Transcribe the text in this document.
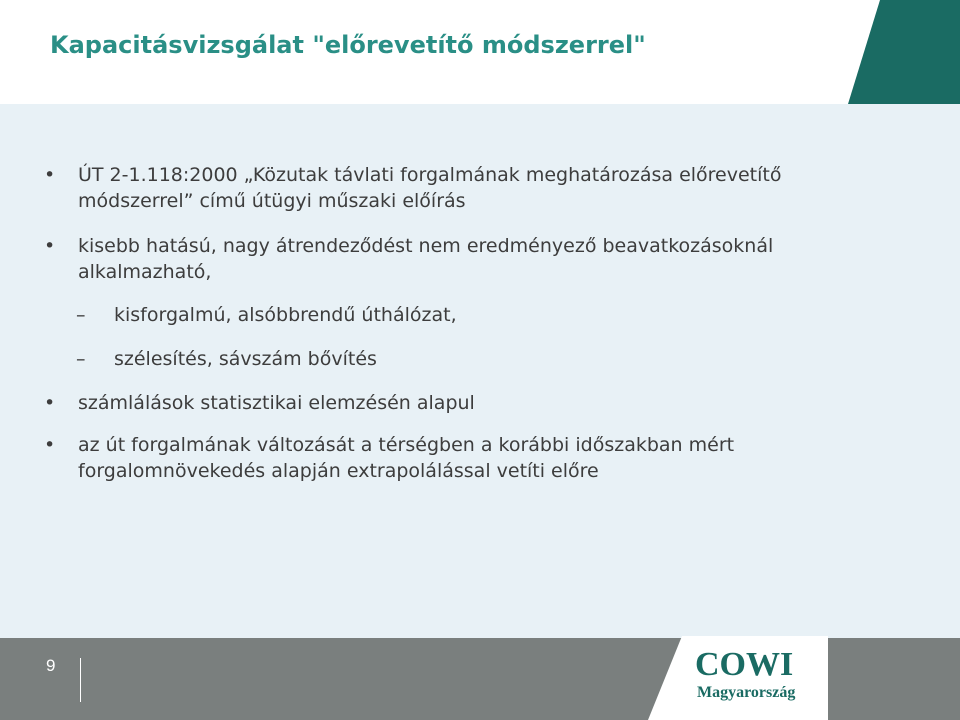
Kapacitásvizsgálat "előrevetítő módszerrel"
• ÚT 2-1.118:2000 „Közutak távlati forgalmának meghatározása előrevetítő módszerrel” című útügyi műszaki előírás
• kisebb hatású, nagy átrendeződést nem eredményező beavatkozásoknál alkalmazható,
– kisforgalmú, alsóbbrendű úthálózat,
– szélesítés, sávszám bővítés
• számlálások statisztikai elemzésén alapul
• az út forgalmának változását a térségben a korábbi időszakban mért forgalomnövekedés alapján extrapolálással vetíti előre
9	COWI
Magyarország
